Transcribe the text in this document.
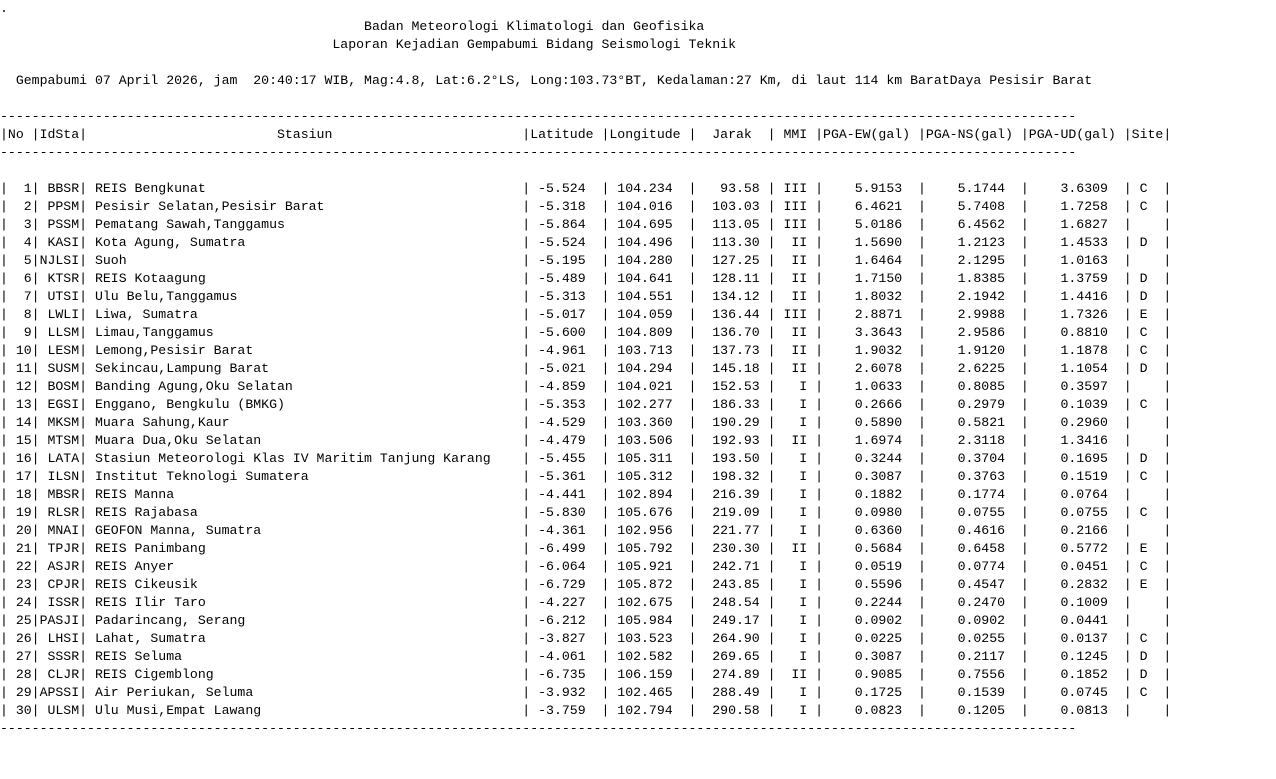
.
Badan Meteorologi Klimatologi dan Geofisika
Laporan Kejadian Gempabumi Bidang Seismologi Teknik
Gempabumi 07 April 2026, jam  20:40:17 WIB, Mag:4.8, Lat:6.2°LS, Long:103.73°BT, Kedalaman:27 Km, di laut 114 km BaratDaya Pesisir Barat
----------------------------------------------------------------------------------------------------------------------------------------
|No |IdSta|                        Stasiun                        |Latitude |Longitude |  Jarak  | MMI |PGA-EW(gal) |PGA-NS(gal) |PGA-UD(gal) |Site|
----------------------------------------------------------------------------------------------------------------------------------------
|  1| BBSR| REIS Bengkunat                                        | -5.524  | 104.234  |   93.58 | III |    5.9153  |    5.1744  |    3.6309  | C  |
|  2| PPSM| Pesisir Selatan,Pesisir Barat                         | -5.318  | 104.016  |  103.03 | III |    6.4621  |    5.7408  |    1.7258  | C  |
|  3| PSSM| Pematang Sawah,Tanggamus                              | -5.864  | 104.695  |  113.05 | III |    5.0186  |    6.4562  |    1.6827  |    |
|  4| KASI| Kota Agung, Sumatra                                   | -5.524  | 104.496  |  113.30 |  II |    1.5690  |    1.2123  |    1.4533  | D  |
|  5|NJLSI| Suoh                                                  | -5.195  | 104.280  |  127.25 |  II |    1.6464  |    2.1295  |    1.0163  |    |
|  6| KTSR| REIS Kotaagung                                        | -5.489  | 104.641  |  128.11 |  II |    1.7150  |    1.8385  |    1.3759  | D  |
|  7| UTSI| Ulu Belu,Tanggamus                                    | -5.313  | 104.551  |  134.12 |  II |    1.8032  |    2.1942  |    1.4416  | D  |
|  8| LWLI| Liwa, Sumatra                                         | -5.017  | 104.059  |  136.44 | III |    2.8871  |    2.9988  |    1.7326  | E  |
|  9| LLSM| Limau,Tanggamus                                       | -5.600  | 104.809  |  136.70 |  II |    3.3643  |    2.9586  |    0.8810  | C  |
| 10| LESM| Lemong,Pesisir Barat                                  | -4.961  | 103.713  |  137.73 |  II |    1.9032  |    1.9120  |    1.1878  | C  |
| 11| SUSM| Sekincau,Lampung Barat                                | -5.021  | 104.294  |  145.18 |  II |    2.6078  |    2.6225  |    1.1054  | D  |
| 12| BOSM| Banding Agung,Oku Selatan                             | -4.859  | 104.021  |  152.53 |   I |    1.0633  |    0.8085  |    0.3597  |    |
| 13| EGSI| Enggano, Bengkulu (BMKG)                              | -5.353  | 102.277  |  186.33 |   I |    0.2666  |    0.2979  |    0.1039  | C  |
| 14| MKSM| Muara Sahung,Kaur                                     | -4.529  | 103.360  |  190.29 |   I |    0.5890  |    0.5821  |    0.2960  |    |
| 15| MTSM| Muara Dua,Oku Selatan                                 | -4.479  | 103.506  |  192.93 |  II |    1.6974  |    2.3118  |    1.3416  |    |
| 16| LATA| Stasiun Meteorologi Klas IV Maritim Tanjung Karang    | -5.455  | 105.311  |  193.50 |   I |    0.3244  |    0.3704  |    0.1695  | D  |
| 17| ILSN| Institut Teknologi Sumatera                           | -5.361  | 105.312  |  198.32 |   I |    0.3087  |    0.3763  |    0.1519  | C  |
| 18| MBSR| REIS Manna                                            | -4.441  | 102.894  |  216.39 |   I |    0.1882  |    0.1774  |    0.0764  |    |
| 19| RLSR| REIS Rajabasa                                         | -5.830  | 105.676  |  219.09 |   I |    0.0980  |    0.0755  |    0.0755  | C  |
| 20| MNAI| GEOFON Manna, Sumatra                                 | -4.361  | 102.956  |  221.77 |   I |    0.6360  |    0.4616  |    0.2166  |    |
| 21| TPJR| REIS Panimbang                                        | -6.499  | 105.792  |  230.30 |  II |    0.5684  |    0.6458  |    0.5772  | E  |
| 22| ASJR| REIS Anyer                                            | -6.064  | 105.921  |  242.71 |   I |    0.0519  |    0.0774  |    0.0451  | C  |
| 23| CPJR| REIS Cikeusik                                         | -6.729  | 105.872  |  243.85 |   I |    0.5596  |    0.4547  |    0.2832  | E  |
| 24| ISSR| REIS Ilir Taro                                        | -4.227  | 102.675  |  248.54 |   I |    0.2244  |    0.2470  |    0.1009  |    |
| 25|PASJI| Padarincang, Serang                                   | -6.212  | 105.984  |  249.17 |   I |    0.0902  |    0.0902  |    0.0441  |    |
| 26| LHSI| Lahat, Sumatra                                        | -3.827  | 103.523  |  264.90 |   I |    0.0225  |    0.0255  |    0.0137  | C  |
| 27| SSSR| REIS Seluma                                           | -4.061  | 102.582  |  269.65 |   I |    0.3087  |    0.2117  |    0.1245  | D  |
| 28| CLJR| REIS Cigemblong                                       | -6.735  | 106.159  |  274.89 |  II |    0.9085  |    0.7556  |    0.1852  | D  |
| 29|APSSI| Air Periukan, Seluma                                  | -3.932  | 102.465  |  288.49 |   I |    0.1725  |    0.1539  |    0.0745  | C  |
| 30| ULSM| Ulu Musi,Empat Lawang                                 | -3.759  | 102.794  |  290.58 |   I |    0.0823  |    0.1205  |    0.0813  |    |
----------------------------------------------------------------------------------------------------------------------------------------
